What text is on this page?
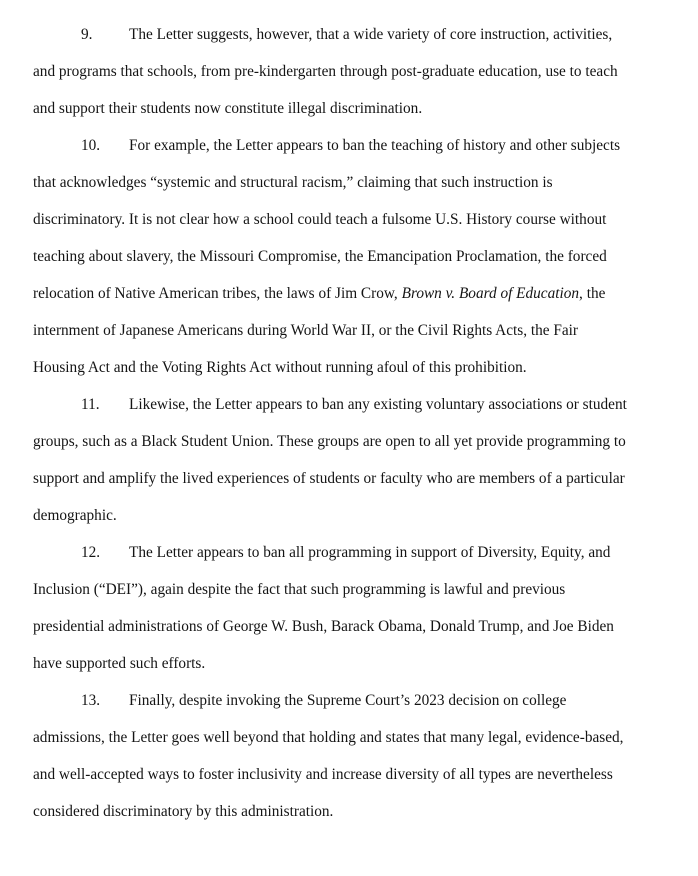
9. The Letter suggests, however, that a wide variety of core instruction, activities,
and programs that schools, from pre-kindergarten through post-graduate education, use to teach
and support their students now constitute illegal discrimination.
10. For example, the Letter appears to ban the teaching of history and other subjects
that acknowledges “systemic and structural racism,” claiming that such instruction is
discriminatory. It is not clear how a school could teach a fulsome U.S. History course without
teaching about slavery, the Missouri Compromise, the Emancipation Proclamation, the forced
relocation of Native American tribes, the laws of Jim Crow, Brown v. Board of Education, the
internment of Japanese Americans during World War II, or the Civil Rights Acts, the Fair
Housing Act and the Voting Rights Act without running afoul of this prohibition.
11. Likewise, the Letter appears to ban any existing voluntary associations or student
groups, such as a Black Student Union. These groups are open to all yet provide programming to
support and amplify the lived experiences of students or faculty who are members of a particular
demographic.
12. The Letter appears to ban all programming in support of Diversity, Equity, and
Inclusion (“DEI”), again despite the fact that such programming is lawful and previous
presidential administrations of George W. Bush, Barack Obama, Donald Trump, and Joe Biden
have supported such efforts.
13. Finally, despite invoking the Supreme Court’s 2023 decision on college
admissions, the Letter goes well beyond that holding and states that many legal, evidence-based,
and well-accepted ways to foster inclusivity and increase diversity of all types are nevertheless
considered discriminatory by this administration.
